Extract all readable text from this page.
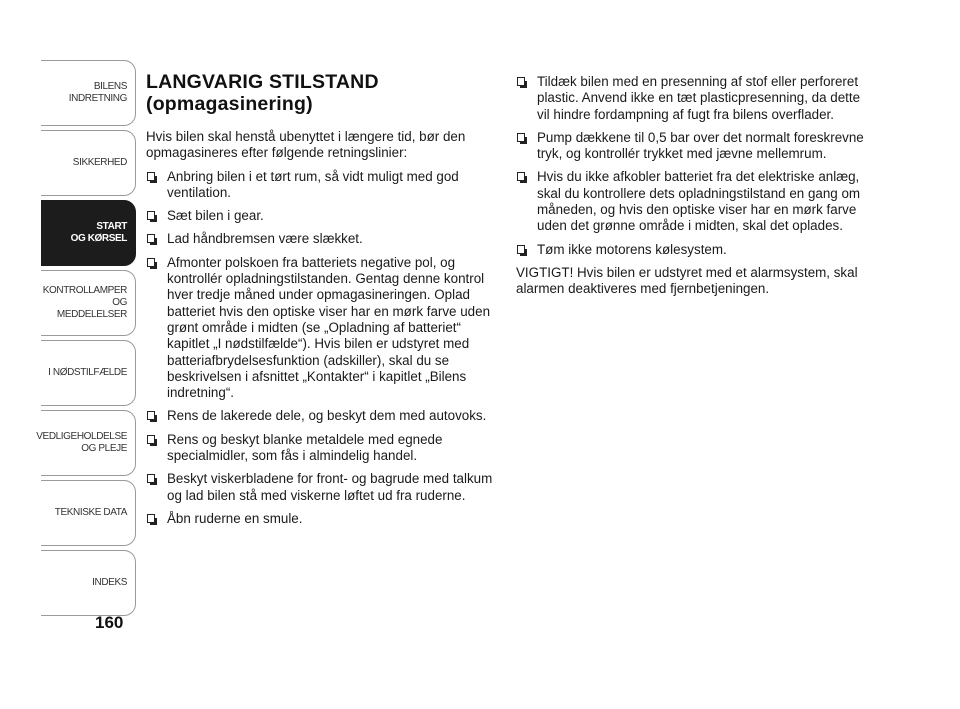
BILENS
INDRETNING
SIKKERHED
START
OG KØRSEL
KONTROLLAMPER
OG MEDDELELSER
I NØDSTILFÆLDE
VEDLIGEHOLDELSE
OG PLEJE
TEKNISKE DATA
INDEKS
160
LANGVARIG STILSTAND
(opmagasinering)

Hvis bilen skal henstå ubenyttet i længere tid, bør den opmagasineres efter følgende retningslinier:

Anbring bilen i et tørt rum, så vidt muligt med god ventilation.
Sæt bilen i gear.
Lad håndbremsen være slækket.
Afmonter polskoen fra batteriets negative pol, og kontrollér opladningstilstanden. Gentag denne kontrol hver tredje måned under opmagasineringen. Oplad batteriet hvis den optiske viser har en mørk farve uden grønt område i midten (se „Opladning af batteriet“ kapitlet „I nødstilfælde“). Hvis bilen er udstyret med batteriafbrydelsesfunktion (adskiller), skal du se beskrivelsen i afsnittet „Kontakter“ i kapitlet „Bilens indretning“.
Rens de lakerede dele, og beskyt dem med autovoks.
Rens og beskyt blanke metaldele med egnede specialmidler, som fås i almindelig handel.
Beskyt viskerbladene for front- og bagrude med talkum og lad bilen stå med viskerne løftet ud fra ruderne.
Åbn ruderne en smule.
Tildæk bilen med en presenning af stof eller perforeret plastic. Anvend ikke en tæt plasticpresenning, da dette vil hindre fordampning af fugt fra bilens overflader.
Pump dækkene til 0,5 bar over det normalt foreskrevne tryk, og kontrollér trykket med jævne mellemrum.
Hvis du ikke afkobler batteriet fra det elektriske anlæg, skal du kontrollere dets opladningstilstand en gang om måneden, og hvis den optiske viser har en mørk farve uden det grønne område i midten, skal det oplades.
Tøm ikke motorens kølesystem.

VIGTIGT! Hvis bilen er udstyret med et alarmsystem, skal alarmen deaktiveres med fjernbetjeningen.
